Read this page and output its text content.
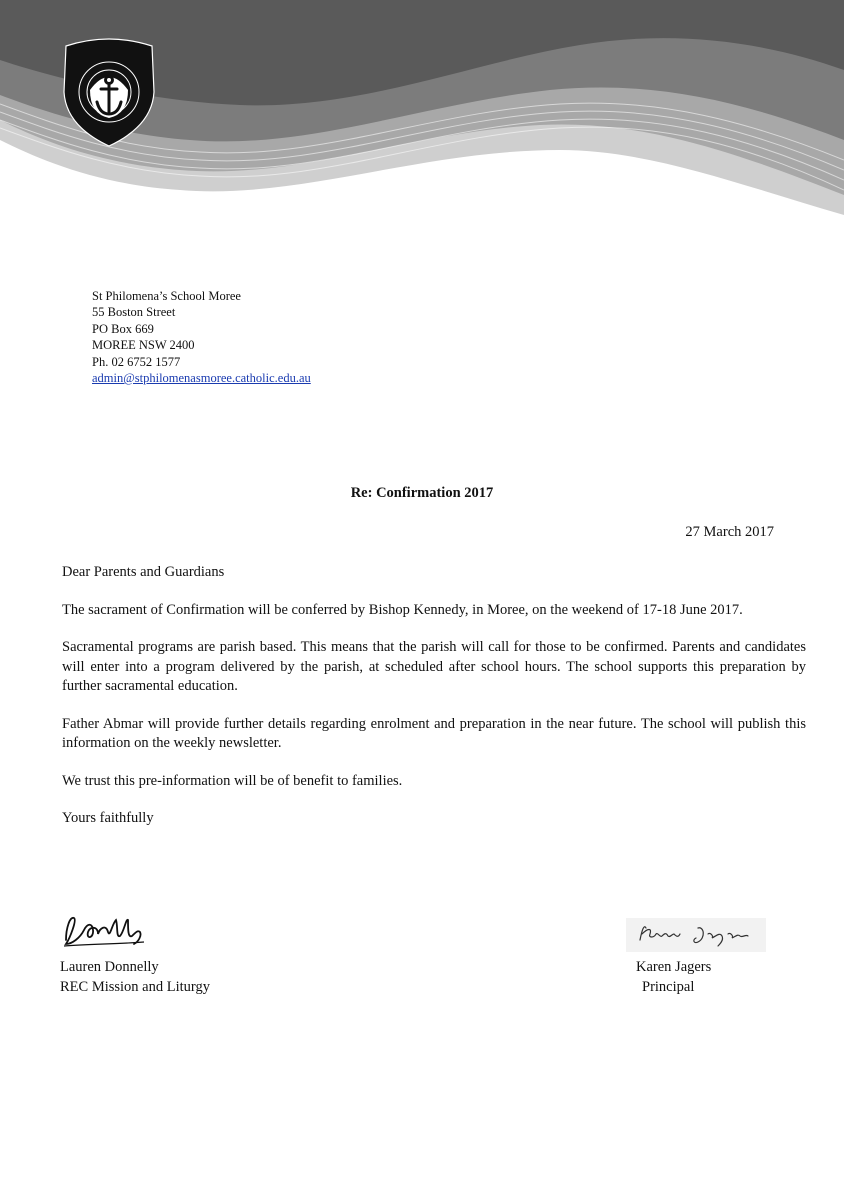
St Philomena’s School Moree
55 Boston Street
PO Box 669
MOREE NSW 2400
Ph. 02 6752 1577
admin@stphilomenasmoree.catholic.edu.au
Re: Confirmation 2017
27 March 2017

Dear Parents and Guardians

The sacrament of Confirmation will be conferred by Bishop Kennedy, in Moree, on the weekend of 17-18 June 2017.

Sacramental programs are parish based. This means that the parish will call for those to be confirmed. Parents and candidates will enter into a program delivered by the parish, at scheduled after school hours. The school supports this preparation by further sacramental education.

Father Abmar will provide further details regarding enrolment and preparation in the near future. The school will publish this information on the weekly newsletter.

We trust this pre-information will be of benefit to families.

Yours faithfully

Lauren Donnelly
REC Mission and Liturgy
Karen Jagers
Principal
